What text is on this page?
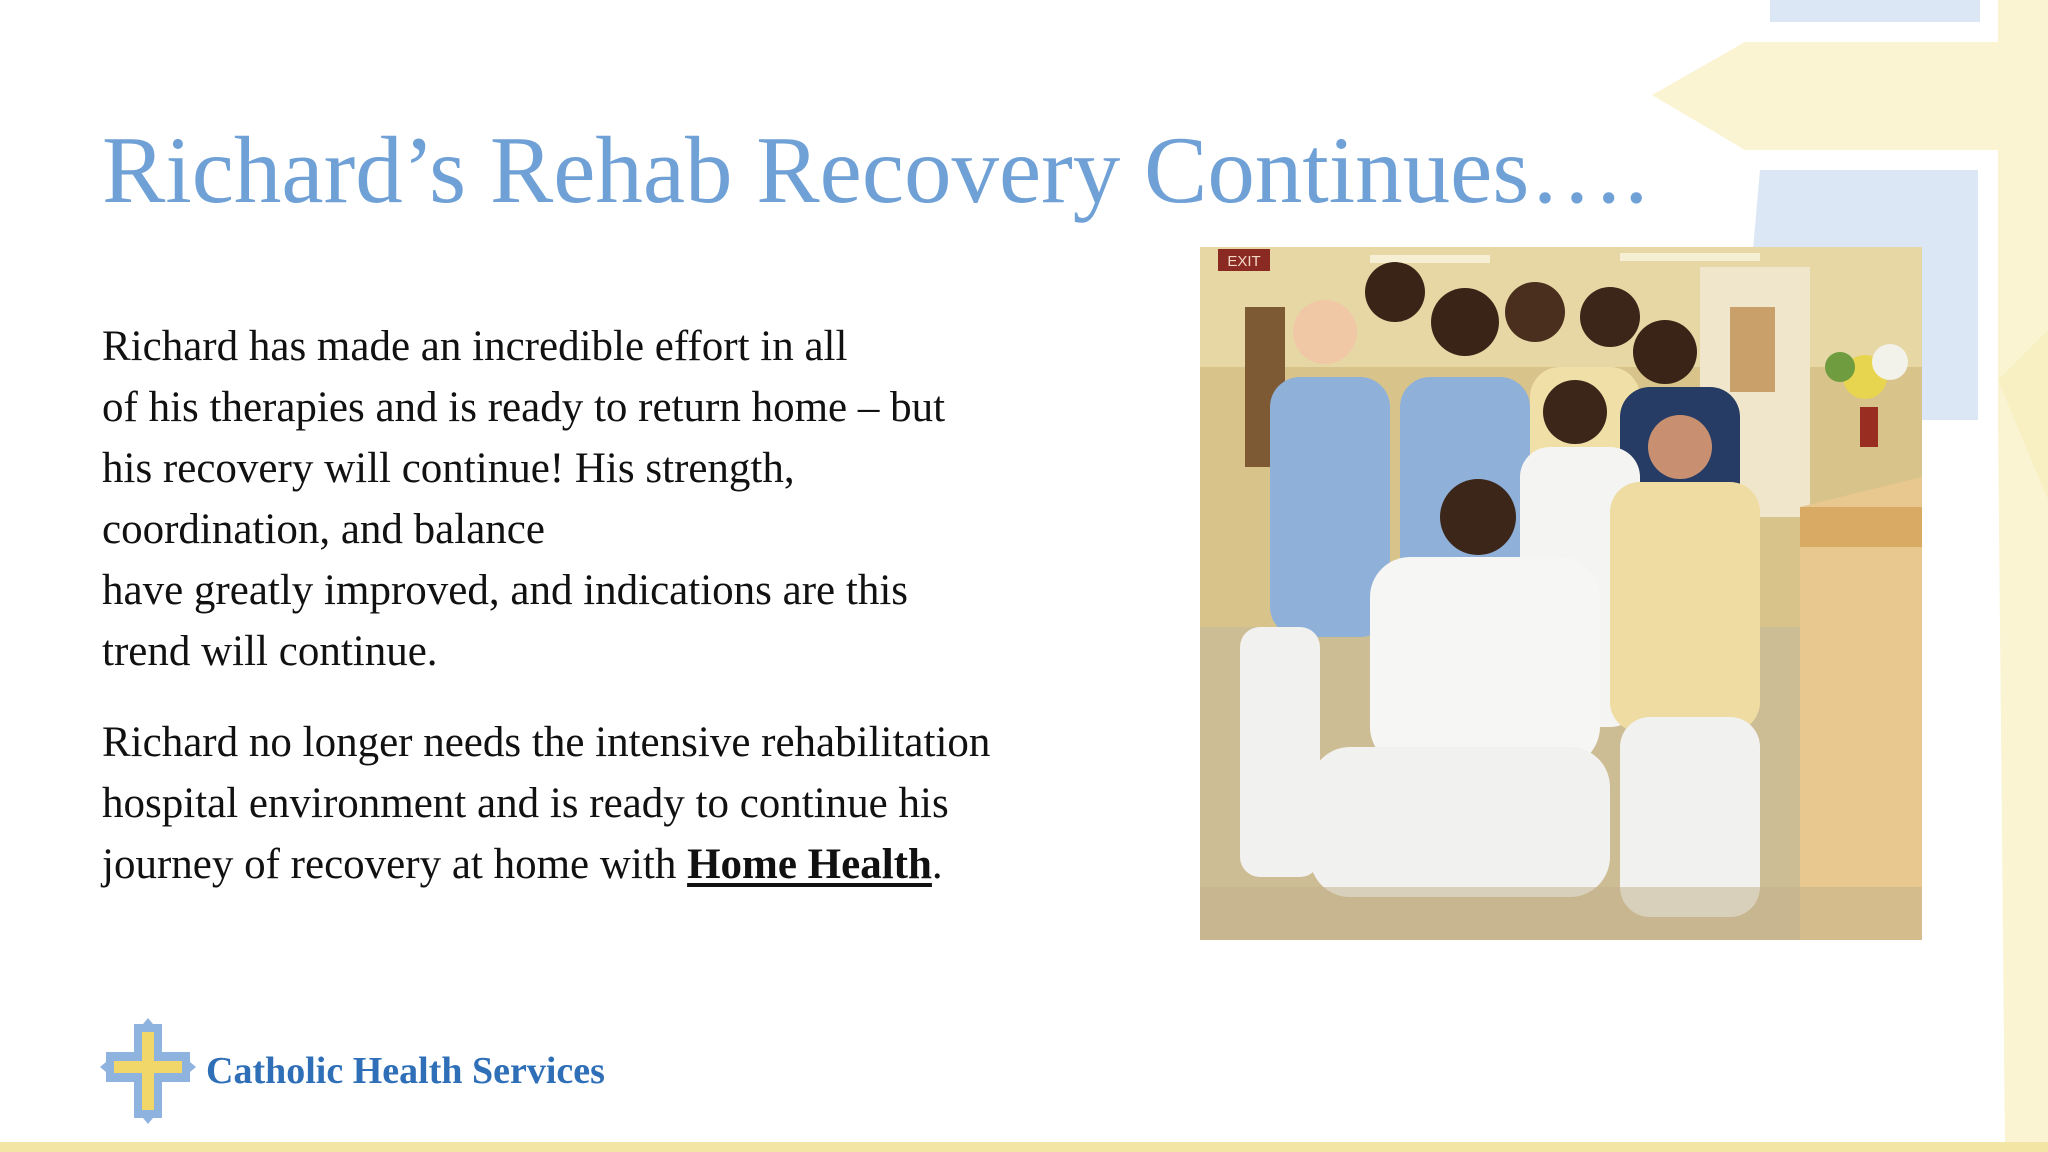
Richard’s Rehab Recovery Continues….

Richard has made an incredible effort in all
of his therapies and is ready to return home – but
his recovery will continue! His strength,
coordination, and balance
have greatly improved, and indications are this
trend will continue.

Richard no longer needs the intensive rehabilitation
hospital environment and is ready to continue his
journey of recovery at home with Home Health.

EXIT
Catholic Health Services
